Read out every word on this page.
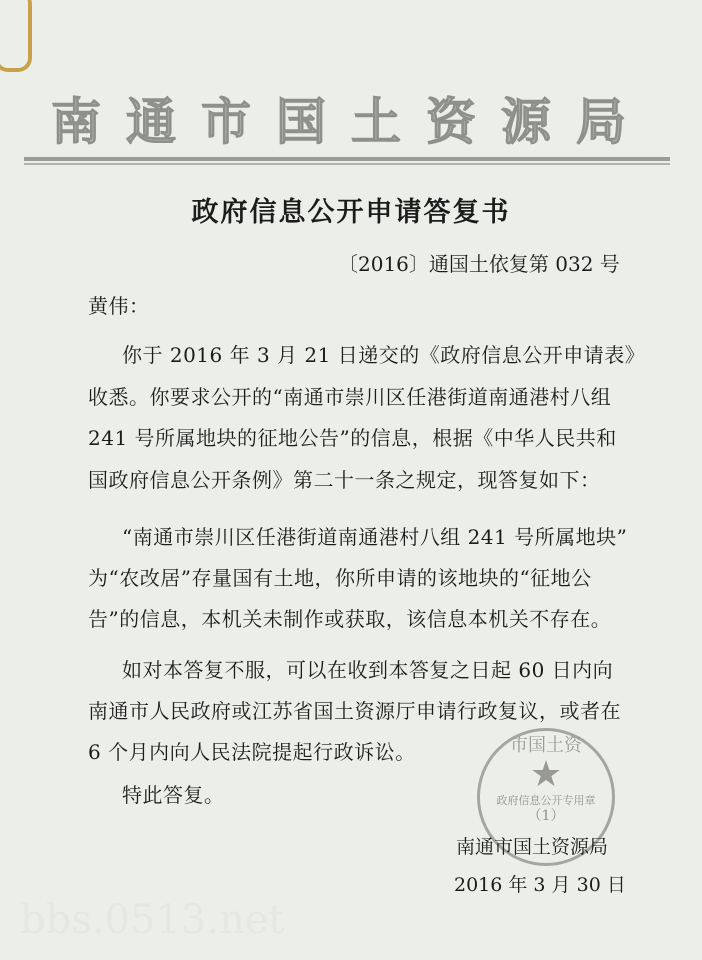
南通市国土资源局
政府信息公开申请答复书
〔2016〕通国土依复第 032 号
黄伟：
你于 2016 年 3 月 21 日递交的《政府信息公开申请表》
收悉。你要求公开的“南通市崇川区任港街道南通港村八组
241 号所属地块的征地公告”的信息，根据《中华人民共和
国政府信息公开条例》第二十一条之规定，现答复如下：
“南通市崇川区任港街道南通港村八组 241 号所属地块”
为“农改居”存量国有土地，你所申请的该地块的“征地公
告”的信息，本机关未制作或获取，该信息本机关不存在。
如对本答复不服，可以在收到本答复之日起 60 日内向
南通市人民政府或江苏省国土资源厅申请行政复议，或者在
6 个月内向人民法院提起行政诉讼。
特此答复。
市国土资
★
政府信息公开专用章
（1）
南通市国土资源局
2016 年 3 月 30 日
bbs.0513.net
